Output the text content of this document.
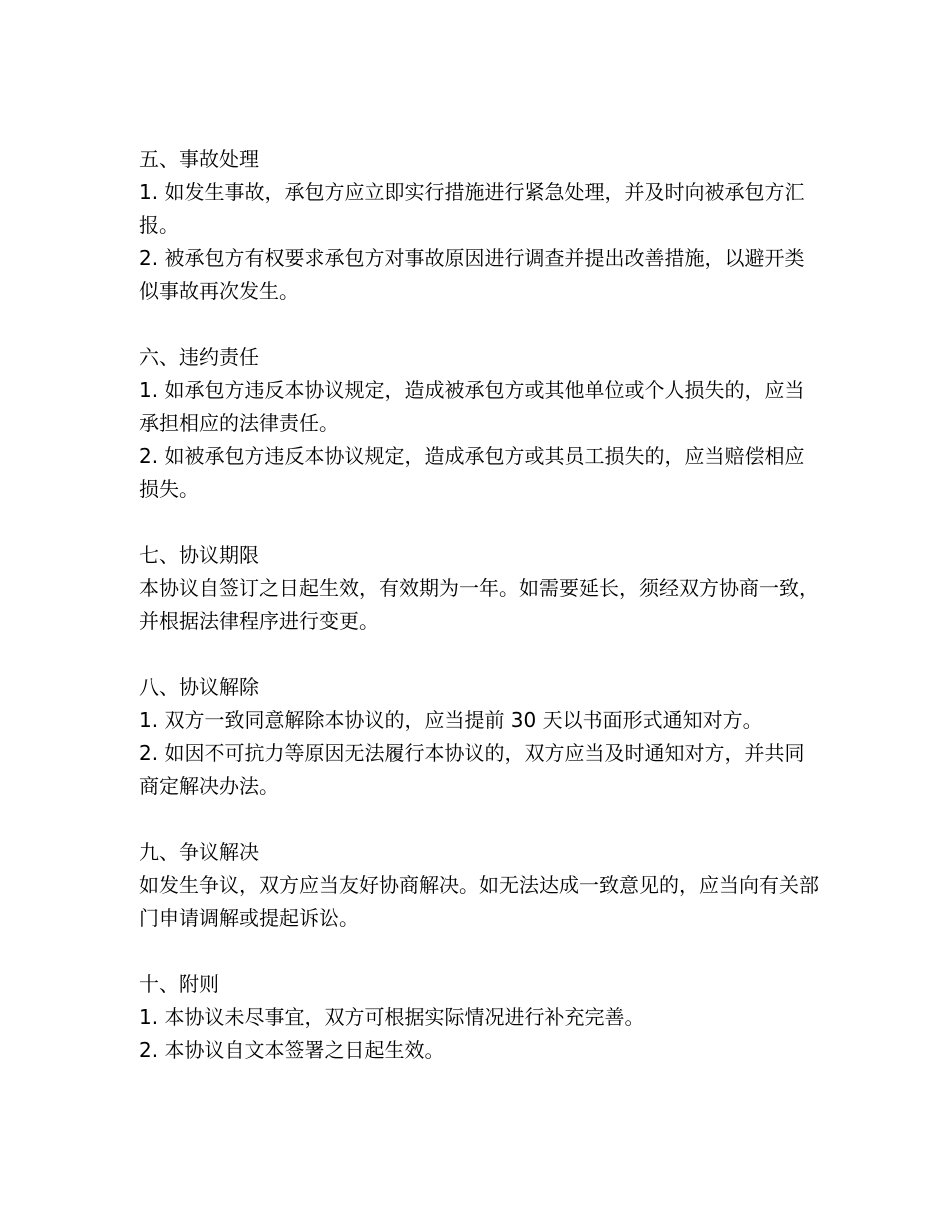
五、事故处理
1. 如发生事故，承包方应立即实行措施进行紧急处理，并及时向被承包方汇报。
2. 被承包方有权要求承包方对事故原因进行调查并提出改善措施，以避开类似事故再次发生。
六、违约责任
1. 如承包方违反本协议规定，造成被承包方或其他单位或个人损失的，应当承担相应的法律责任。
2. 如被承包方违反本协议规定，造成承包方或其员工损失的，应当赔偿相应损失。
七、协议期限
本协议自签订之日起生效，有效期为一年。如需要延长，须经双方协商一致，并根据法律程序进行变更。
八、协议解除
1. 双方一致同意解除本协议的，应当提前 30 天以书面形式通知对方。
2. 如因不可抗力等原因无法履行本协议的，双方应当及时通知对方，并共同商定解决办法。
九、争议解决
如发生争议，双方应当友好协商解决。如无法达成一致意见的，应当向有关部门申请调解或提起诉讼。
十、附则
1. 本协议未尽事宜，双方可根据实际情况进行补充完善。
2. 本协议自文本签署之日起生效。
